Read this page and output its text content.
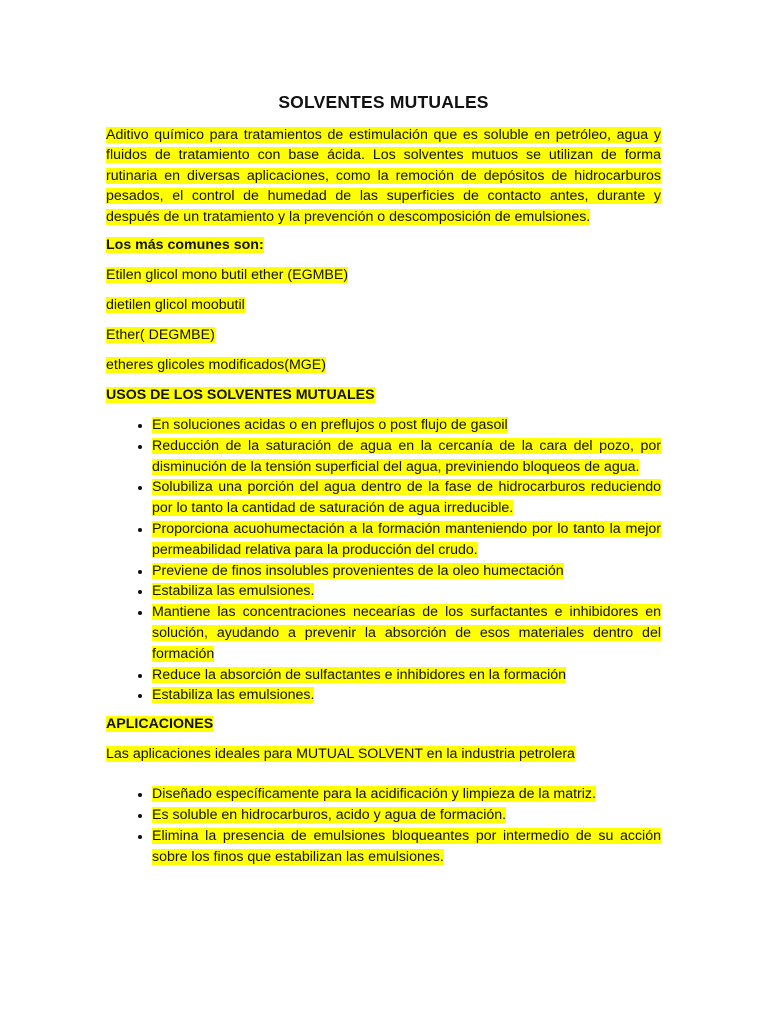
SOLVENTES MUTUALES

Aditivo químico para tratamientos de estimulación que es soluble en petróleo, agua y fluidos de tratamiento con base ácida. Los solventes mutuos se utilizan de forma rutinaria en diversas aplicaciones, como la remoción de depósitos de hidrocarburos pesados, el control de humedad de las superficies de contacto antes, durante y después de un tratamiento y la prevención o descomposición de emulsiones.

Los más comunes son:

Etilen glicol mono butil ether (EGMBE)

dietilen glicol moobutil

Ether( DEGMBE)

etheres glicoles modificados(MGE)

USOS DE LOS SOLVENTES MUTUALES

• En soluciones acidas o en preflujos o post flujo de gasoil
• Reducción de la saturación de agua en la cercanía de la cara del pozo, por disminución de la tensión superficial del agua, previniendo bloqueos de agua.
• Solubiliza una porción del agua dentro de la fase de hidrocarburos reduciendo por lo tanto la cantidad de saturación de agua irreducible.
• Proporciona acuohumectación a la formación manteniendo por lo tanto la mejor permeabilidad relativa para la producción del crudo.
• Previene de finos insolubles provenientes de la oleo humectación
• Estabiliza las emulsiones.
• Mantiene las concentraciones necearías de los surfactantes e inhibidores en solución, ayudando a prevenir la absorción de esos materiales dentro del formación
• Reduce la absorción de sulfactantes e inhibidores en la formación
• Estabiliza las emulsiones.

APLICACIONES

Las aplicaciones ideales para MUTUAL SOLVENT en la industria petrolera

• Diseñado específicamente para la acidificación y limpieza de la matriz.
• Es soluble en hidrocarburos, acido y agua de formación.
• Elimina la presencia de emulsiones bloqueantes por intermedio de su acción sobre los finos que estabilizan las emulsiones.
